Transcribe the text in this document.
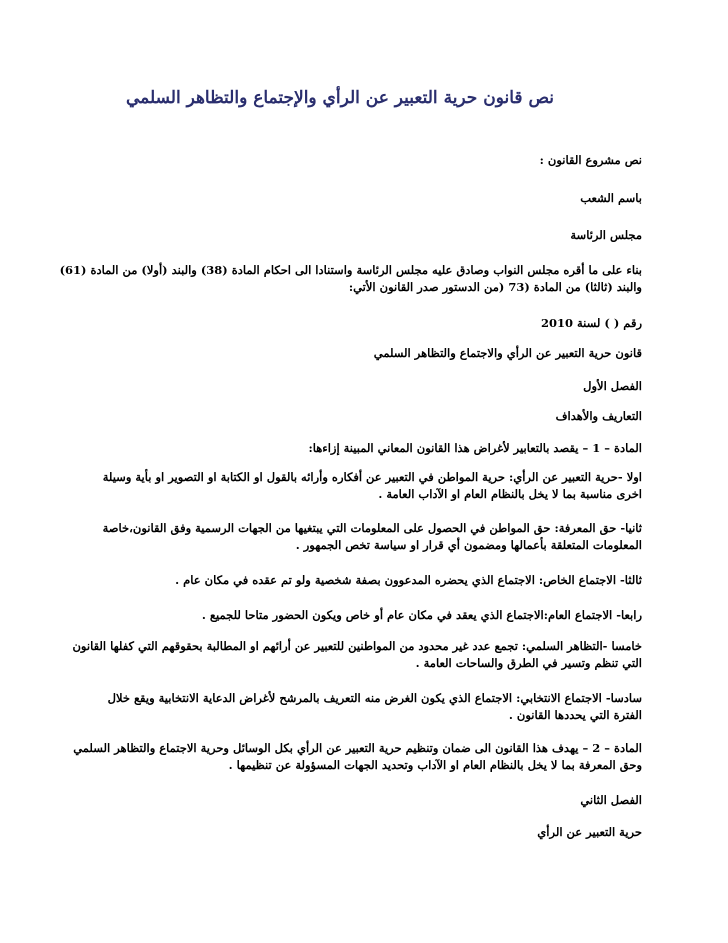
نص قانون حرية التعبير عن الرأي والإجتماع والتظاهر السلمي
نص مشروع القانون :
باسم الشعب
مجلس الرئاسة
بناء على ما أقره مجلس النواب وصادق عليه مجلس الرئاسة واستنادا الى احكام المادة (38) والبند (أولا) من المادة (61)
والبند (ثالثا) من المادة (73 (من الدستور صدر القانون الأتي:
رقم ( ) لسنة 2010
قانون حرية التعبير عن الرأي والاجتماع والتظاهر السلمي
الفصل الأول
التعاريف والأهداف
المادة – 1 – يقصد بالتعابير لأغراض هذا القانون المعاني المبينة إزاءها:
اولا -حرية التعبير عن الرأي: حرية المواطن في التعبير عن أفكاره وأرائه بالقول او الكتابة او التصوير او بأية وسيلة
اخرى مناسبة بما لا يخل بالنظام العام او الآداب العامة .
ثانيا- حق المعرفة: حق المواطن في الحصول على المعلومات التي يبتغيها من الجهات الرسمية وفق القانون،خاصة
المعلومات المتعلقة بأعمالها ومضمون أي قرار او سياسة تخص الجمهور .
ثالثا- الاجتماع الخاص: الاجتماع الذي يحضره المدعوون بصفة شخصية ولو تم عقده في مكان عام .
رابعا- الاجتماع العام:الاجتماع الذي يعقد في مكان عام أو خاص ويكون الحضور متاحا للجميع .
خامسا -التظاهر السلمي: تجمع عدد غير محدود من المواطنين للتعبير عن أرائهم او المطالبة بحقوقهم التي كفلها القانون
التي تنظم وتسير في الطرق والساحات العامة .
سادسا- الاجتماع الانتخابي: الاجتماع الذي يكون الغرض منه التعريف بالمرشح لأغراض الدعاية الانتخابية ويقع خلال
الفترة التي يحددها القانون .
المادة – 2 – يهدف هذا القانون الى ضمان وتنظيم حرية التعبير عن الرأي بكل الوسائل وحرية الاجتماع والتظاهر السلمي
وحق المعرفة بما لا يخل بالنظام العام او الآداب وتحديد الجهات المسؤولة عن تنظيمها .
الفصل الثاني
حرية التعبير عن الرأي
